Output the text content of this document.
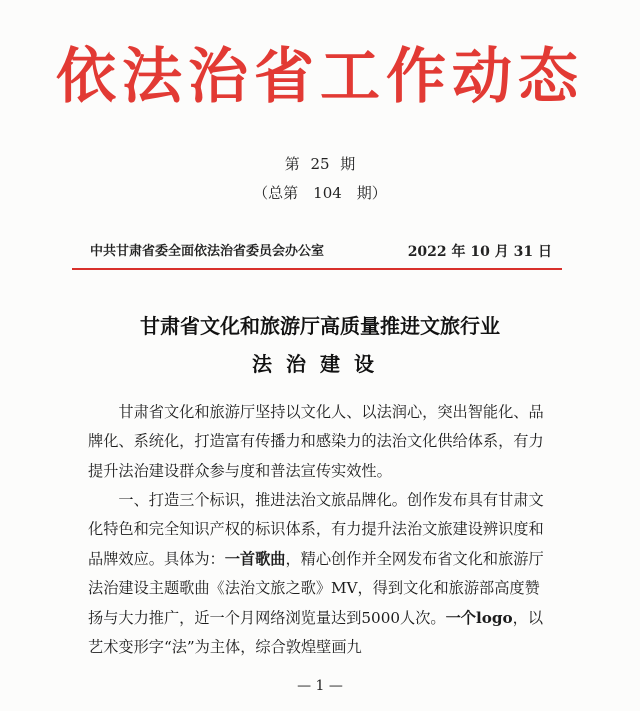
依法治省工作动态
第 25 期
（总第　104　期）
中共甘肃省委全面依法治省委员会办公室	2022 年 10 月 31 日
甘肃省文化和旅游厅高质量推进文旅行业
法治建设
甘肃省文化和旅游厅坚持以文化人、以法润心，突出智能化、品牌化、系统化，打造富有传播力和感染力的法治文化供给体系，有力提升法治建设群众参与度和普法宣传实效性。
一、打造三个标识，推进法治文旅品牌化。创作发布具有甘肃文化特色和完全知识产权的标识体系，有力提升法治文旅建设辨识度和品牌效应。具体为：一首歌曲，精心创作并全网发布省文化和旅游厅法治建设主题歌曲《法治文旅之歌》MV，得到文化和旅游部高度赞扬与大力推广，近一个月网络浏览量达到5000人次。一个logo，以艺术变形字“法”为主体，综合敦煌壁画九
— 1 —
